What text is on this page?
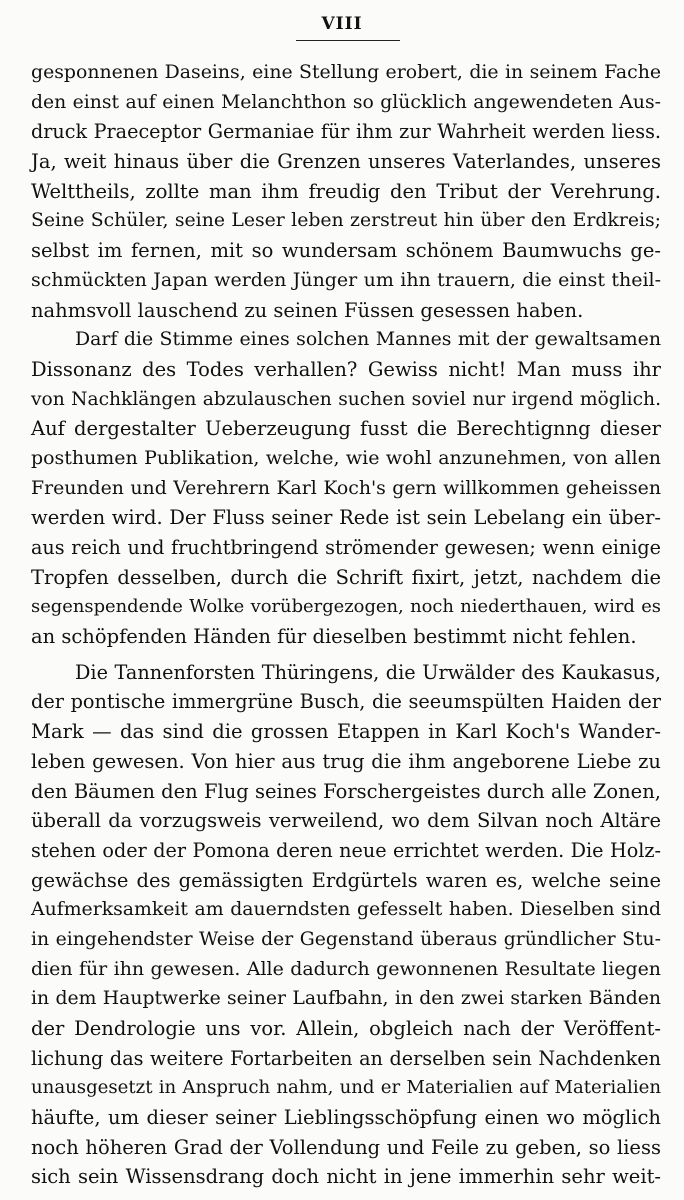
VIII
gesponnenen Daseins, eine Stellung erobert, die in seinem Fache
den einst auf einen Melanchthon so glücklich angewendeten Aus-
druck Praeceptor Germaniae für ihm zur Wahrheit werden liess.
Ja, weit hinaus über die Grenzen unseres Vaterlandes, unseres
Welttheils, zollte man ihm freudig den Tribut der Verehrung.
Seine Schüler, seine Leser leben zerstreut hin über den Erdkreis;
selbst im fernen, mit so wundersam schönem Baumwuchs ge-
schmückten Japan werden Jünger um ihn trauern, die einst theil-
nahmsvoll lauschend zu seinen Füssen gesessen haben.
Darf die Stimme eines solchen Mannes mit der gewaltsamen
Dissonanz des Todes verhallen? Gewiss nicht! Man muss ihr
von Nachklängen abzulauschen suchen soviel nur irgend möglich.
Auf dergestalter Ueberzeugung fusst die Berechtignng dieser
posthumen Publikation, welche, wie wohl anzunehmen, von allen
Freunden und Verehrern Karl Koch's gern willkommen geheissen
werden wird. Der Fluss seiner Rede ist sein Lebelang ein über-
aus reich und fruchtbringend strömender gewesen; wenn einige
Tropfen desselben, durch die Schrift fixirt, jetzt, nachdem die
segenspendende Wolke vorübergezogen, noch niederthauen, wird es
an schöpfenden Händen für dieselben bestimmt nicht fehlen.
Die Tannenforsten Thüringens, die Urwälder des Kaukasus,
der pontische immergrüne Busch, die seeumspülten Haiden der
Mark — das sind die grossen Etappen in Karl Koch's Wander-
leben gewesen. Von hier aus trug die ihm angeborene Liebe zu
den Bäumen den Flug seines Forschergeistes durch alle Zonen,
überall da vorzugsweis verweilend, wo dem Silvan noch Altäre
stehen oder der Pomona deren neue errichtet werden. Die Holz-
gewächse des gemässigten Erdgürtels waren es, welche seine
Aufmerksamkeit am dauerndsten gefesselt haben. Dieselben sind
in eingehendster Weise der Gegenstand überaus gründlicher Stu-
dien für ihn gewesen. Alle dadurch gewonnenen Resultate liegen
in dem Hauptwerke seiner Laufbahn, in den zwei starken Bänden
der Dendrologie uns vor. Allein, obgleich nach der Veröffent-
lichung das weitere Fortarbeiten an derselben sein Nachdenken
unausgesetzt in Anspruch nahm, und er Materialien auf Materialien
häufte, um dieser seiner Lieblingsschöpfung einen wo möglich
noch höheren Grad der Vollendung und Feile zu geben, so liess
sich sein Wissensdrang doch nicht in jene immerhin sehr weit-
